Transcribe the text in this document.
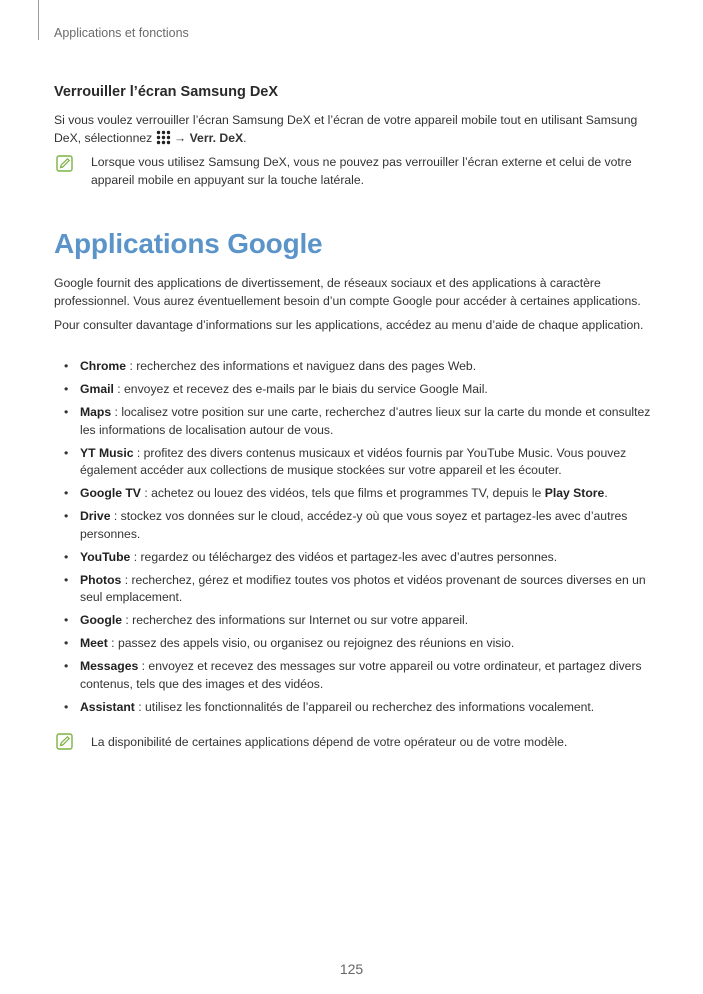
Applications et fonctions
Verrouiller l’écran Samsung DeX
Si vous voulez verrouiller l’écran Samsung DeX et l’écran de votre appareil mobile tout en utilisant Samsung DeX, sélectionnez → Verr. DeX.
Lorsque vous utilisez Samsung DeX, vous ne pouvez pas verrouiller l’écran externe et celui de votre appareil mobile en appuyant sur la touche latérale.
Applications Google
Google fournit des applications de divertissement, de réseaux sociaux et des applications à caractère professionnel. Vous aurez éventuellement besoin d’un compte Google pour accéder à certaines applications.
Pour consulter davantage d’informations sur les applications, accédez au menu d’aide de chaque application.
• Chrome : recherchez des informations et naviguez dans des pages Web.
• Gmail : envoyez et recevez des e-mails par le biais du service Google Mail.
• Maps : localisez votre position sur une carte, recherchez d’autres lieux sur la carte du monde et consultez les informations de localisation autour de vous.
• YT Music : profitez des divers contenus musicaux et vidéos fournis par YouTube Music. Vous pouvez également accéder aux collections de musique stockées sur votre appareil et les écouter.
• Google TV : achetez ou louez des vidéos, tels que films et programmes TV, depuis le Play Store.
• Drive : stockez vos données sur le cloud, accédez-y où que vous soyez et partagez-les avec d’autres personnes.
• YouTube : regardez ou téléchargez des vidéos et partagez-les avec d’autres personnes.
• Photos : recherchez, gérez et modifiez toutes vos photos et vidéos provenant de sources diverses en un seul emplacement.
• Google : recherchez des informations sur Internet ou sur votre appareil.
• Meet : passez des appels visio, ou organisez ou rejoignez des réunions en visio.
• Messages : envoyez et recevez des messages sur votre appareil ou votre ordinateur, et partagez divers contenus, tels que des images et des vidéos.
• Assistant : utilisez les fonctionnalités de l’appareil ou recherchez des informations vocalement.
La disponibilité de certaines applications dépend de votre opérateur ou de votre modèle.
125
